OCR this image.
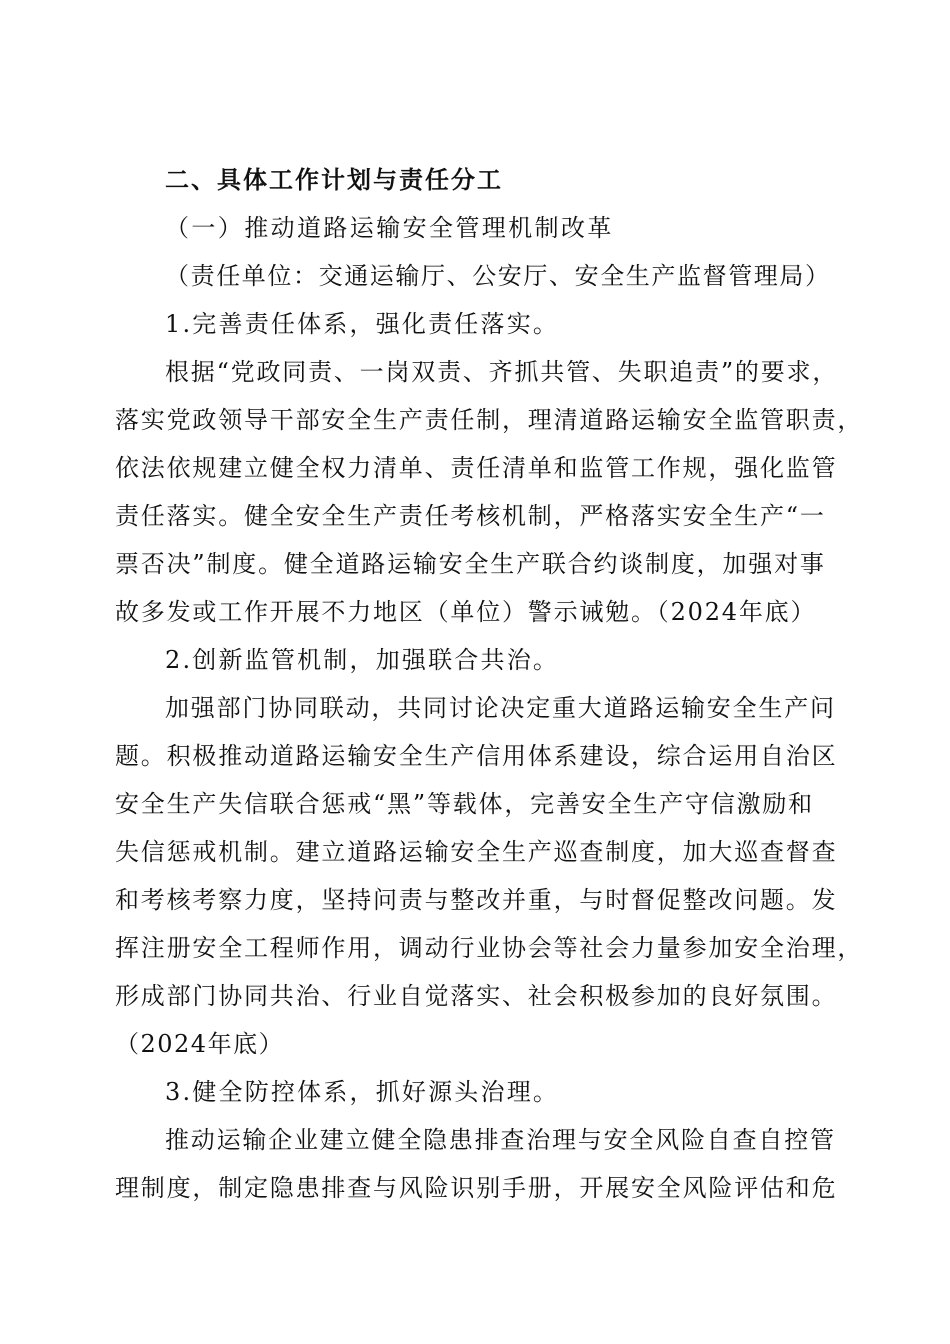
二、具体工作计划与责任分工
（一）推动道路运输安全管理机制改革
（责任单位：交通运输厅、公安厅、安全生产监督管理局）
1.完善责任体系，强化责任落实。
根据“党政同责、一岗双责、齐抓共管、失职追责”的要求，
落实党政领导干部安全生产责任制，理清道路运输安全监管职责，
依法依规建立健全权力清单、责任清单和监管工作规，强化监管
责任落实。健全安全生产责任考核机制，严格落实安全生产“一
票否决”制度。健全道路运输安全生产联合约谈制度，加强对事
故多发或工作开展不力地区（单位）警示诫勉。（2024年底）
2.创新监管机制，加强联合共治。
加强部门协同联动，共同讨论决定重大道路运输安全生产问
题。积极推动道路运输安全生产信用体系建设，综合运用自治区
安全生产失信联合惩戒“黑”等载体，完善安全生产守信激励和
失信惩戒机制。建立道路运输安全生产巡查制度，加大巡查督查
和考核考察力度，坚持问责与整改并重，与时督促整改问题。发
挥注册安全工程师作用，调动行业协会等社会力量参加安全治理，
形成部门协同共治、行业自觉落实、社会积极参加的良好氛围。
（2024年底）
3.健全防控体系，抓好源头治理。
推动运输企业建立健全隐患排查治理与安全风险自查自控管
理制度，制定隐患排查与风险识别手册，开展安全风险评估和危
